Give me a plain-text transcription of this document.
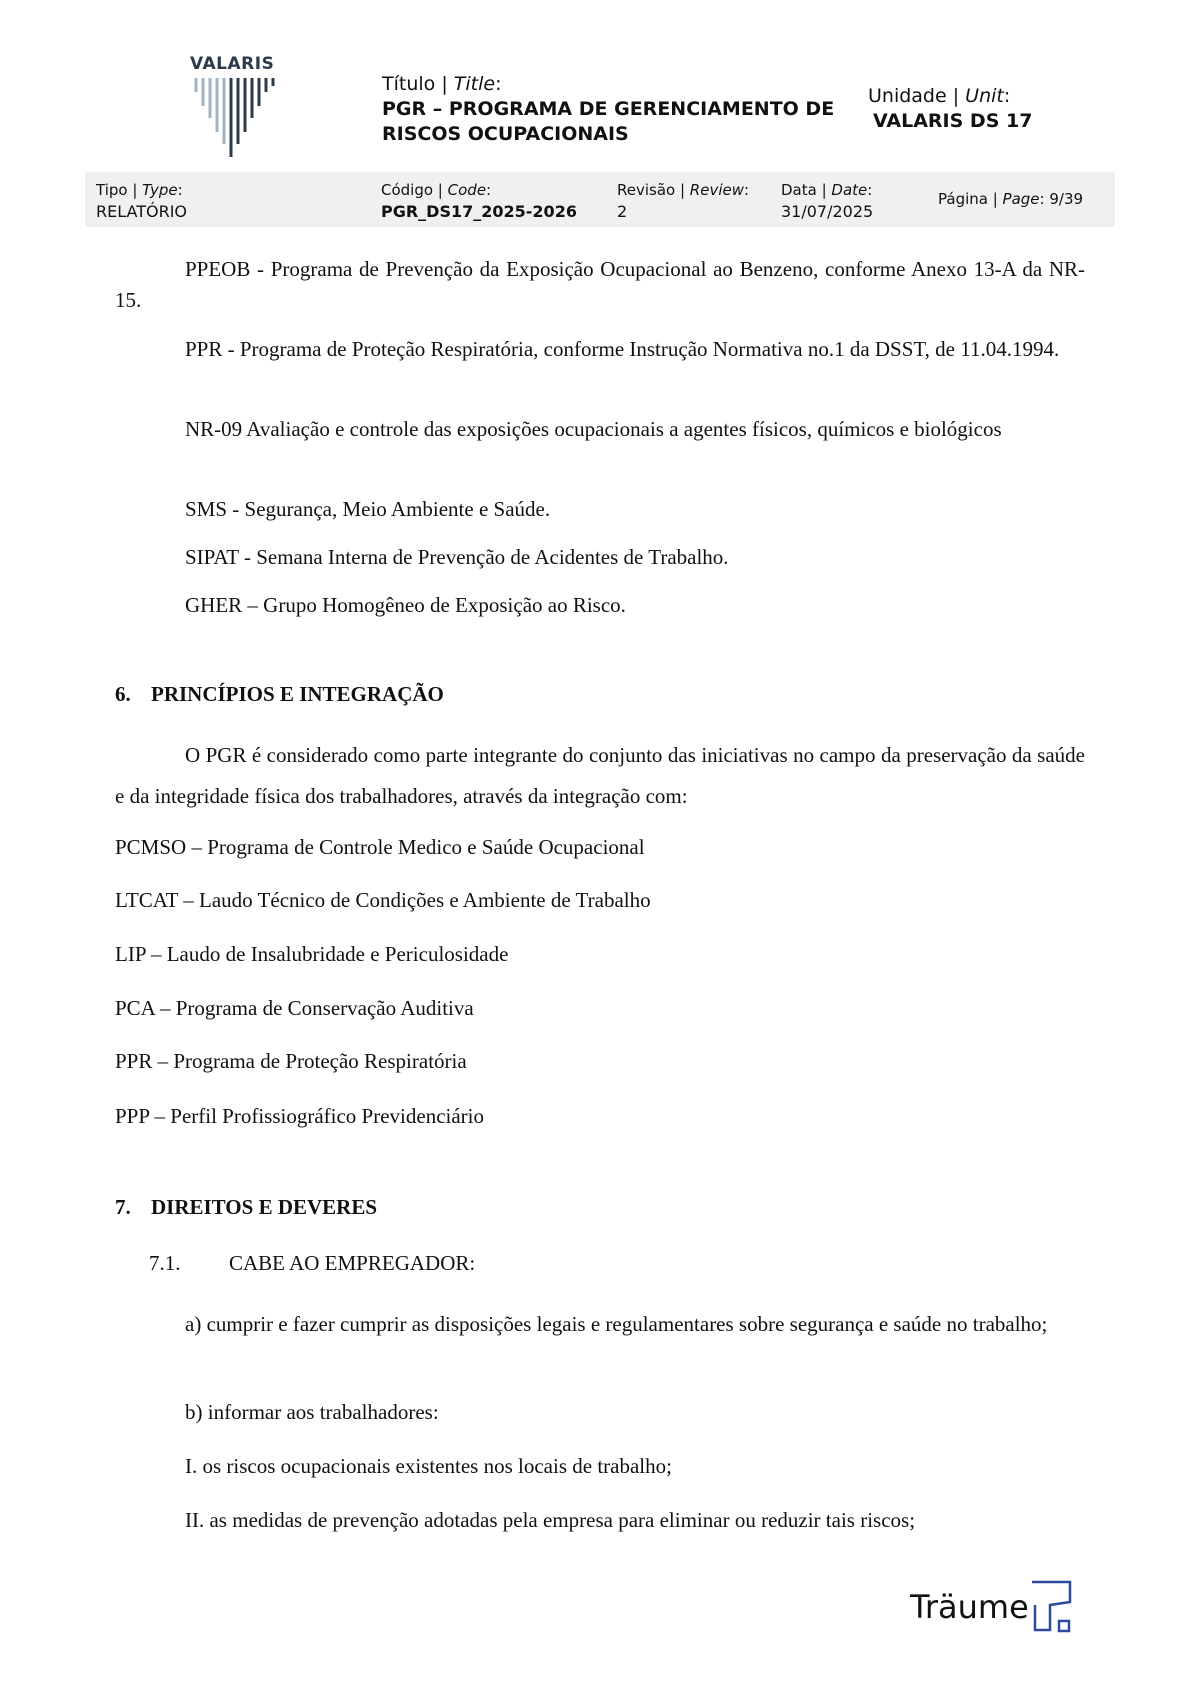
VALARIS
Título | Title:
PGR – PROGRAMA DE GERENCIAMENTO DE
RISCOS OCUPACIONAIS
Unidade | Unit:
VALARIS DS 17
Tipo | Type:
RELATÓRIO
Código | Code:
PGR_DS17_2025-2026
Revisão | Review:
2
Data | Date:
31/07/2025
Página | Page: 9/39
PPEOB - Programa de Prevenção da Exposição Ocupacional ao Benzeno, conforme Anexo 13-A da NR-15.
PPR - Programa de Proteção Respiratória, conforme Instrução Normativa no.1 da DSST, de 11.04.1994.
NR-09 Avaliação e controle das exposições ocupacionais a agentes físicos, químicos e biológicos
SMS - Segurança, Meio Ambiente e Saúde.
SIPAT - Semana Interna de Prevenção de Acidentes de Trabalho.
GHER – Grupo Homogêneo de Exposição ao Risco.
6. PRINCÍPIOS E INTEGRAÇÃO
O PGR é considerado como parte integrante do conjunto das iniciativas no campo da preservação da saúde e da integridade física dos trabalhadores, através da integração com:
PCMSO – Programa de Controle Medico e Saúde Ocupacional
LTCAT – Laudo Técnico de Condições e Ambiente de Trabalho
LIP – Laudo de Insalubridade e Periculosidade
PCA – Programa de Conservação Auditiva
PPR – Programa de Proteção Respiratória
PPP – Perfil Profissiográfico Previdenciário
7. DIREITOS E DEVERES
7.1. CABE AO EMPREGADOR:
a) cumprir e fazer cumprir as disposições legais e regulamentares sobre segurança e saúde no trabalho;
b) informar aos trabalhadores:
I. os riscos ocupacionais existentes nos locais de trabalho;
II. as medidas de prevenção adotadas pela empresa para eliminar ou reduzir tais riscos;
Träume
